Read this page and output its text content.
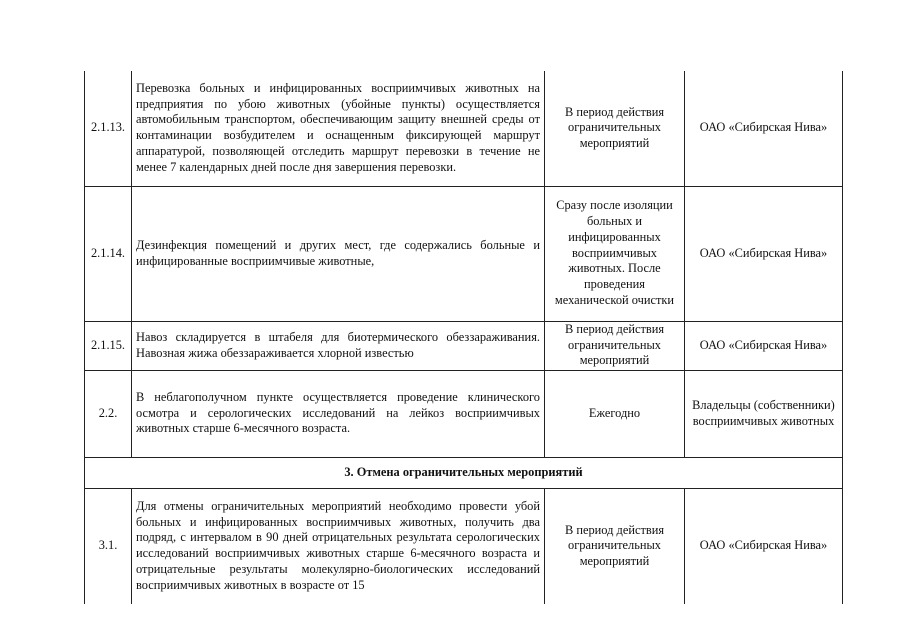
2.1.13.	Перевозка больных и инфицированных восприимчивых животных на предприятия по убою животных (убойные пункты) осуществляется автомобильным транспортом, обеспечивающим защиту внешней среды от контаминации возбудителем и оснащенным фиксирующей маршрут аппаратурой, позволяющей отследить маршрут перевозки в течение не менее 7 календарных дней после дня завершения перевозки.	В период действия ограничительных мероприятий	ОАО «Сибирская Нива»
2.1.14.	Дезинфекция помещений и других мест, где содержались больные и инфицированные восприимчивые животные,	Сразу после изоляции больных и инфицированных восприимчивых животных. После проведения механической очистки	ОАО «Сибирская Нива»
2.1.15.	Навоз складируется в штабеля для биотермического обеззараживания. Навозная жижа обеззараживается хлорной известью	В период действия ограничительных мероприятий	ОАО «Сибирская Нива»
2.2.	В неблагополучном пункте осуществляется проведение клинического осмотра и серологических исследований на лейкоз восприимчивых животных старше 6-месячного возраста.	Ежегодно	Владельцы (собственники) восприимчивых животных
3. Отмена ограничительных мероприятий			
3.1.	Для отмены ограничительных мероприятий необходимо провести убой больных и инфицированных восприимчивых животных, получить два подряд, с интервалом в 90 дней отрицательных результата серологических исследований восприимчивых животных старше 6-месячного возраста и отрицательные результаты молекулярно-биологических исследований восприимчивых животных в возрасте от 15	В период действия ограничительных мероприятий	ОАО «Сибирская Нива»
